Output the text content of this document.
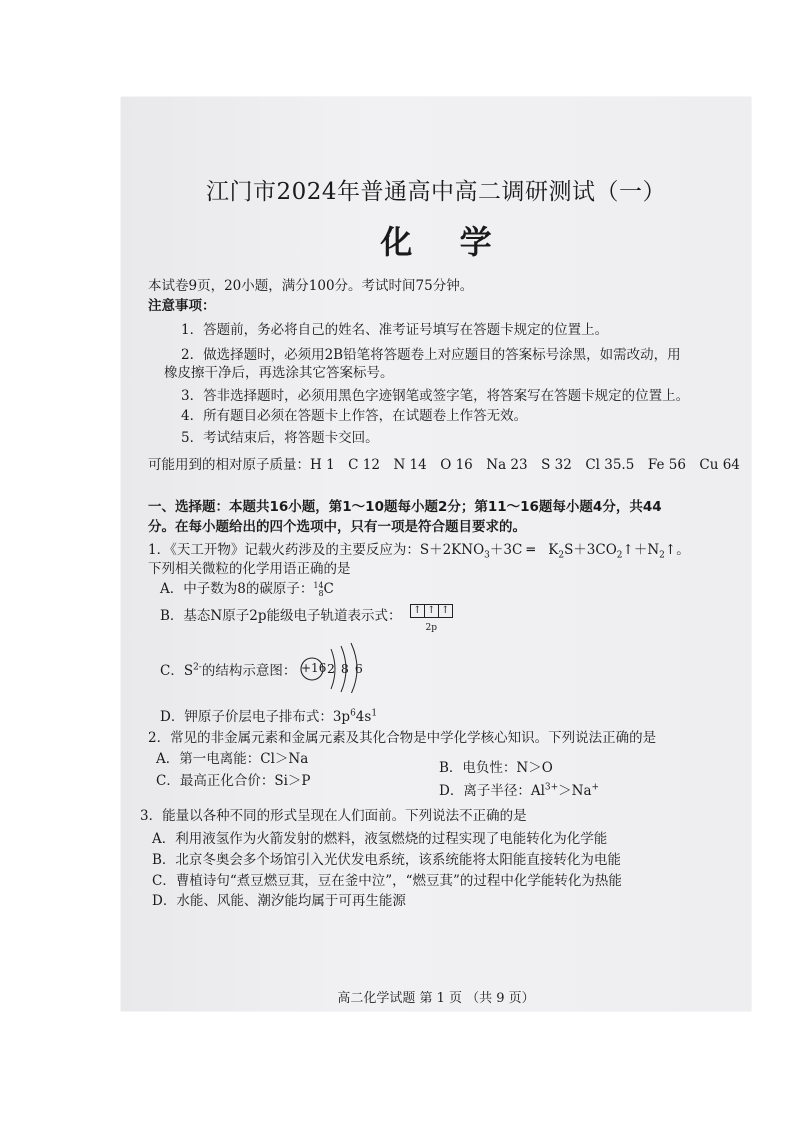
江门市2024年普通高中高二调研测试（一）
化 学
本试卷9页，20小题，满分100分。考试时间75分钟。
注意事项：
1．答题前，务必将自己的姓名、准考证号填写在答题卡规定的位置上。
2．做选择题时，必须用2B铅笔将答题卷上对应题目的答案标号涂黑，如需改动，用
橡皮擦干净后，再选涂其它答案标号。
3．答非选择题时，必须用黑色字迹钢笔或签字笔，将答案写在答题卡规定的位置上。
4．所有题目必须在答题卡上作答，在试题卷上作答无效。
5．考试结束后，将答题卡交回。
可能用到的相对原子质量：H 1　C 12　N 14　O 16　Na 23　S 32　Cl 35.5　Fe 56　Cu 64
一、选择题：本题共16小题，第1～10题每小题2分；第11～16题每小题4分，共44
分。在每小题给出的四个选项中，只有一项是符合题目要求的。
1．《天工开物》记载火药涉及的主要反应为：$S+2KNO_3+3C$ ═　$K_2S+3CO_2↑+N_2↑$。
下列相关微粒的化学用语正确的是
A．中子数为8的碳原子：14
8C
B．基态N原子2p能级电子轨道表示式： ↑ ↑ ↑
2p
C．$S^{2-}$的结构示意图： +16 2 8 6
D．钾原子价层电子排布式：$3p^64s^1$
2．常见的非金属元素和金属元素及其化合物是中学化学核心知识。下列说法正确的是
A．第一电离能：Cl＞Na
B．电负性：N＞O
C．最高正化合价：Si＞P
D．离子半径：$Al^{3+}>Na^+$
3．能量以各种不同的形式呈现在人们面前。下列说法不正确的是
A．利用液氢作为火箭发射的燃料，液氢燃烧的过程实现了电能转化为化学能
B．北京冬奥会多个场馆引入光伏发电系统，该系统能将太阳能直接转化为电能
C．曹植诗句“煮豆燃豆萁，豆在釜中泣”，“燃豆萁”的过程中化学能转化为热能
D．水能、风能、潮汐能均属于可再生能源
高二化学试题 第 1 页 （共 9 页）
